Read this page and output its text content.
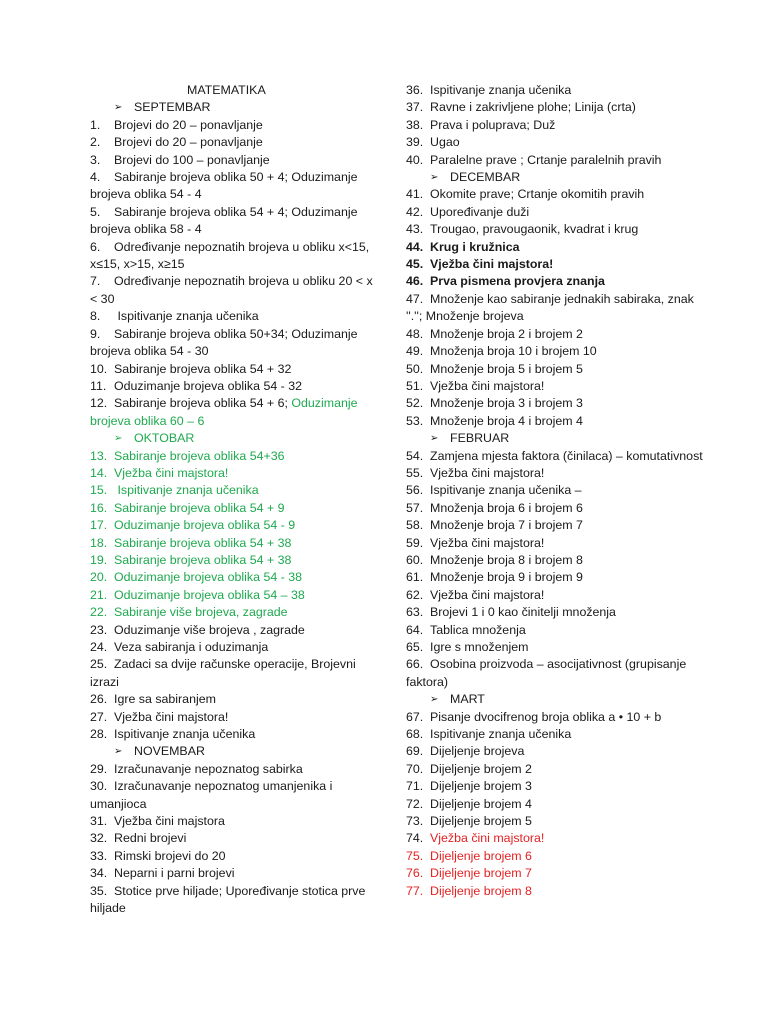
MATEMATIKA
➢ SEPTEMBAR
1. Brojevi do 20 – ponavljanje
2. Brojevi do 20 – ponavljanje
3. Brojevi do 100 – ponavljanje
4. Sabiranje brojeva oblika 50 + 4; Oduzimanje brojeva oblika 54 - 4
5. Sabiranje brojeva oblika 54 + 4; Oduzimanje brojeva oblika 58 - 4
6. Određivanje nepoznatih brojeva u obliku x<15, x≤15, x>15, x≥15
7. Određivanje nepoznatih brojeva u obliku 20 < x < 30
8. Ispitivanje znanja učenika
9. Sabiranje brojeva oblika 50+34; Oduzimanje brojeva oblika 54 - 30
10. Sabiranje brojeva oblika 54 + 32
11. Oduzimanje brojeva oblika 54 - 32
12. Sabiranje brojeva oblika 54 + 6; Oduzimanje brojeva oblika 60 – 6
➢ OKTOBAR
13. Sabiranje brojeva oblika 54+36
14. Vježba čini majstora!
15. Ispitivanje znanja učenika
16. Sabiranje brojeva oblika 54 + 9
17. Oduzimanje brojeva oblika 54 - 9
18. Sabiranje brojeva oblika 54 + 38
19. Sabiranje brojeva oblika 54 + 38
20. Oduzimanje brojeva oblika 54 - 38
21. Oduzimanje brojeva oblika 54 – 38
22. Sabiranje više brojeva, zagrade
23. Oduzimanje više brojeva , zagrade
24. Veza sabiranja i oduzimanja
25. Zadaci sa dvije računske operacije, Brojevni izrazi
26. Igre sa sabiranjem
27. Vježba čini majstora!
28. Ispitivanje znanja učenika
➢ NOVEMBAR
29. Izračunavanje nepoznatog sabirka
30. Izračunavanje nepoznatog umanjenika i umanjioca
31. Vježba čini majstora
32. Redni brojevi
33. Rimski brojevi do 20
34. Neparni i parni brojevi
35. Stotice prve hiljade; Upoređivanje stotica prve hiljade
36. Ispitivanje znanja učenika
37. Ravne i zakrivljene plohe; Linija (crta)
38. Prava i poluprava; Duž
39. Ugao
40. Paralelne prave ; Crtanje paralelnih pravih
➢ DECEMBAR
41. Okomite prave; Crtanje okomitih pravih
42. Upoređivanje duži
43. Trougao, pravougaonik, kvadrat i krug
44. Krug i kružnica
45. Vježba čini majstora!
46. Prva pismena provjera znanja
47. Množenje kao sabiranje jednakih sabiraka, znak ''.''; Množenje brojeva
48. Množenje broja 2 i brojem 2
49. Množenja broja 10 i brojem 10
50. Množenje broja 5 i brojem 5
51. Vježba čini majstora!
52. Množenje broja 3 i brojem 3
53. Množenje broja 4 i brojem 4
➢ FEBRUAR
54. Zamjena mjesta faktora (činilaca) – komutativnost
55. Vježba čini majstora!
56. Ispitivanje znanja učenika –
57. Množenja broja 6 i brojem 6
58. Množenje broja 7 i brojem 7
59. Vježba čini majstora!
60. Množenje broja 8 i brojem 8
61. Množenje broja 9 i brojem 9
62. Vježba čini majstora!
63. Brojevi 1 i 0 kao činitelji množenja
64. Tablica množenja
65. Igre s množenjem
66. Osobina proizvoda – asocijativnost (grupisanje faktora)
➢ MART
67. Pisanje dvocifrenog broja oblika a • 10 + b
68. Ispitivanje znanja učenika
69. Dijeljenje brojeva
70. Dijeljenje brojem 2
71. Dijeljenje brojem 3
72. Dijeljenje brojem 4
73. Dijeljenje brojem 5
74. Vježba čini majstora!
75. Dijeljenje brojem 6
76. Dijeljenje brojem 7
77. Dijeljenje brojem 8
